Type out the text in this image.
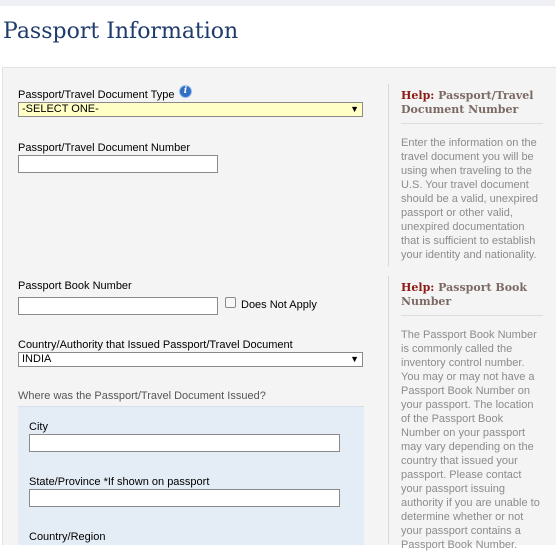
Passport Information
Passport/Travel Document Type	i
-SELECT ONE-	▼
Passport/Travel Document Number
Passport Book Number
Does Not Apply
Country/Authority that Issued Passport/Travel Document
INDIA	▼
Where was the Passport/Travel Document Issued?
City
State/Province *If shown on passport
Country/Region
Help: Passport/Travel Document Number
Enter the information on the travel document you will be using when traveling to the U.S. Your travel document should be a valid, unexpired passport or other valid, unexpired documentation that is sufficient to establish your identity and nationality.
Help: Passport Book Number
The Passport Book Number is commonly called the inventory control number. You may or may not have a Passport Book Number on your passport. The location of the Passport Book Number on your passport may vary depending on the country that issued your passport. Please contact your passport issuing authority if you are unable to determine whether or not your passport contains a Passport Book Number.
